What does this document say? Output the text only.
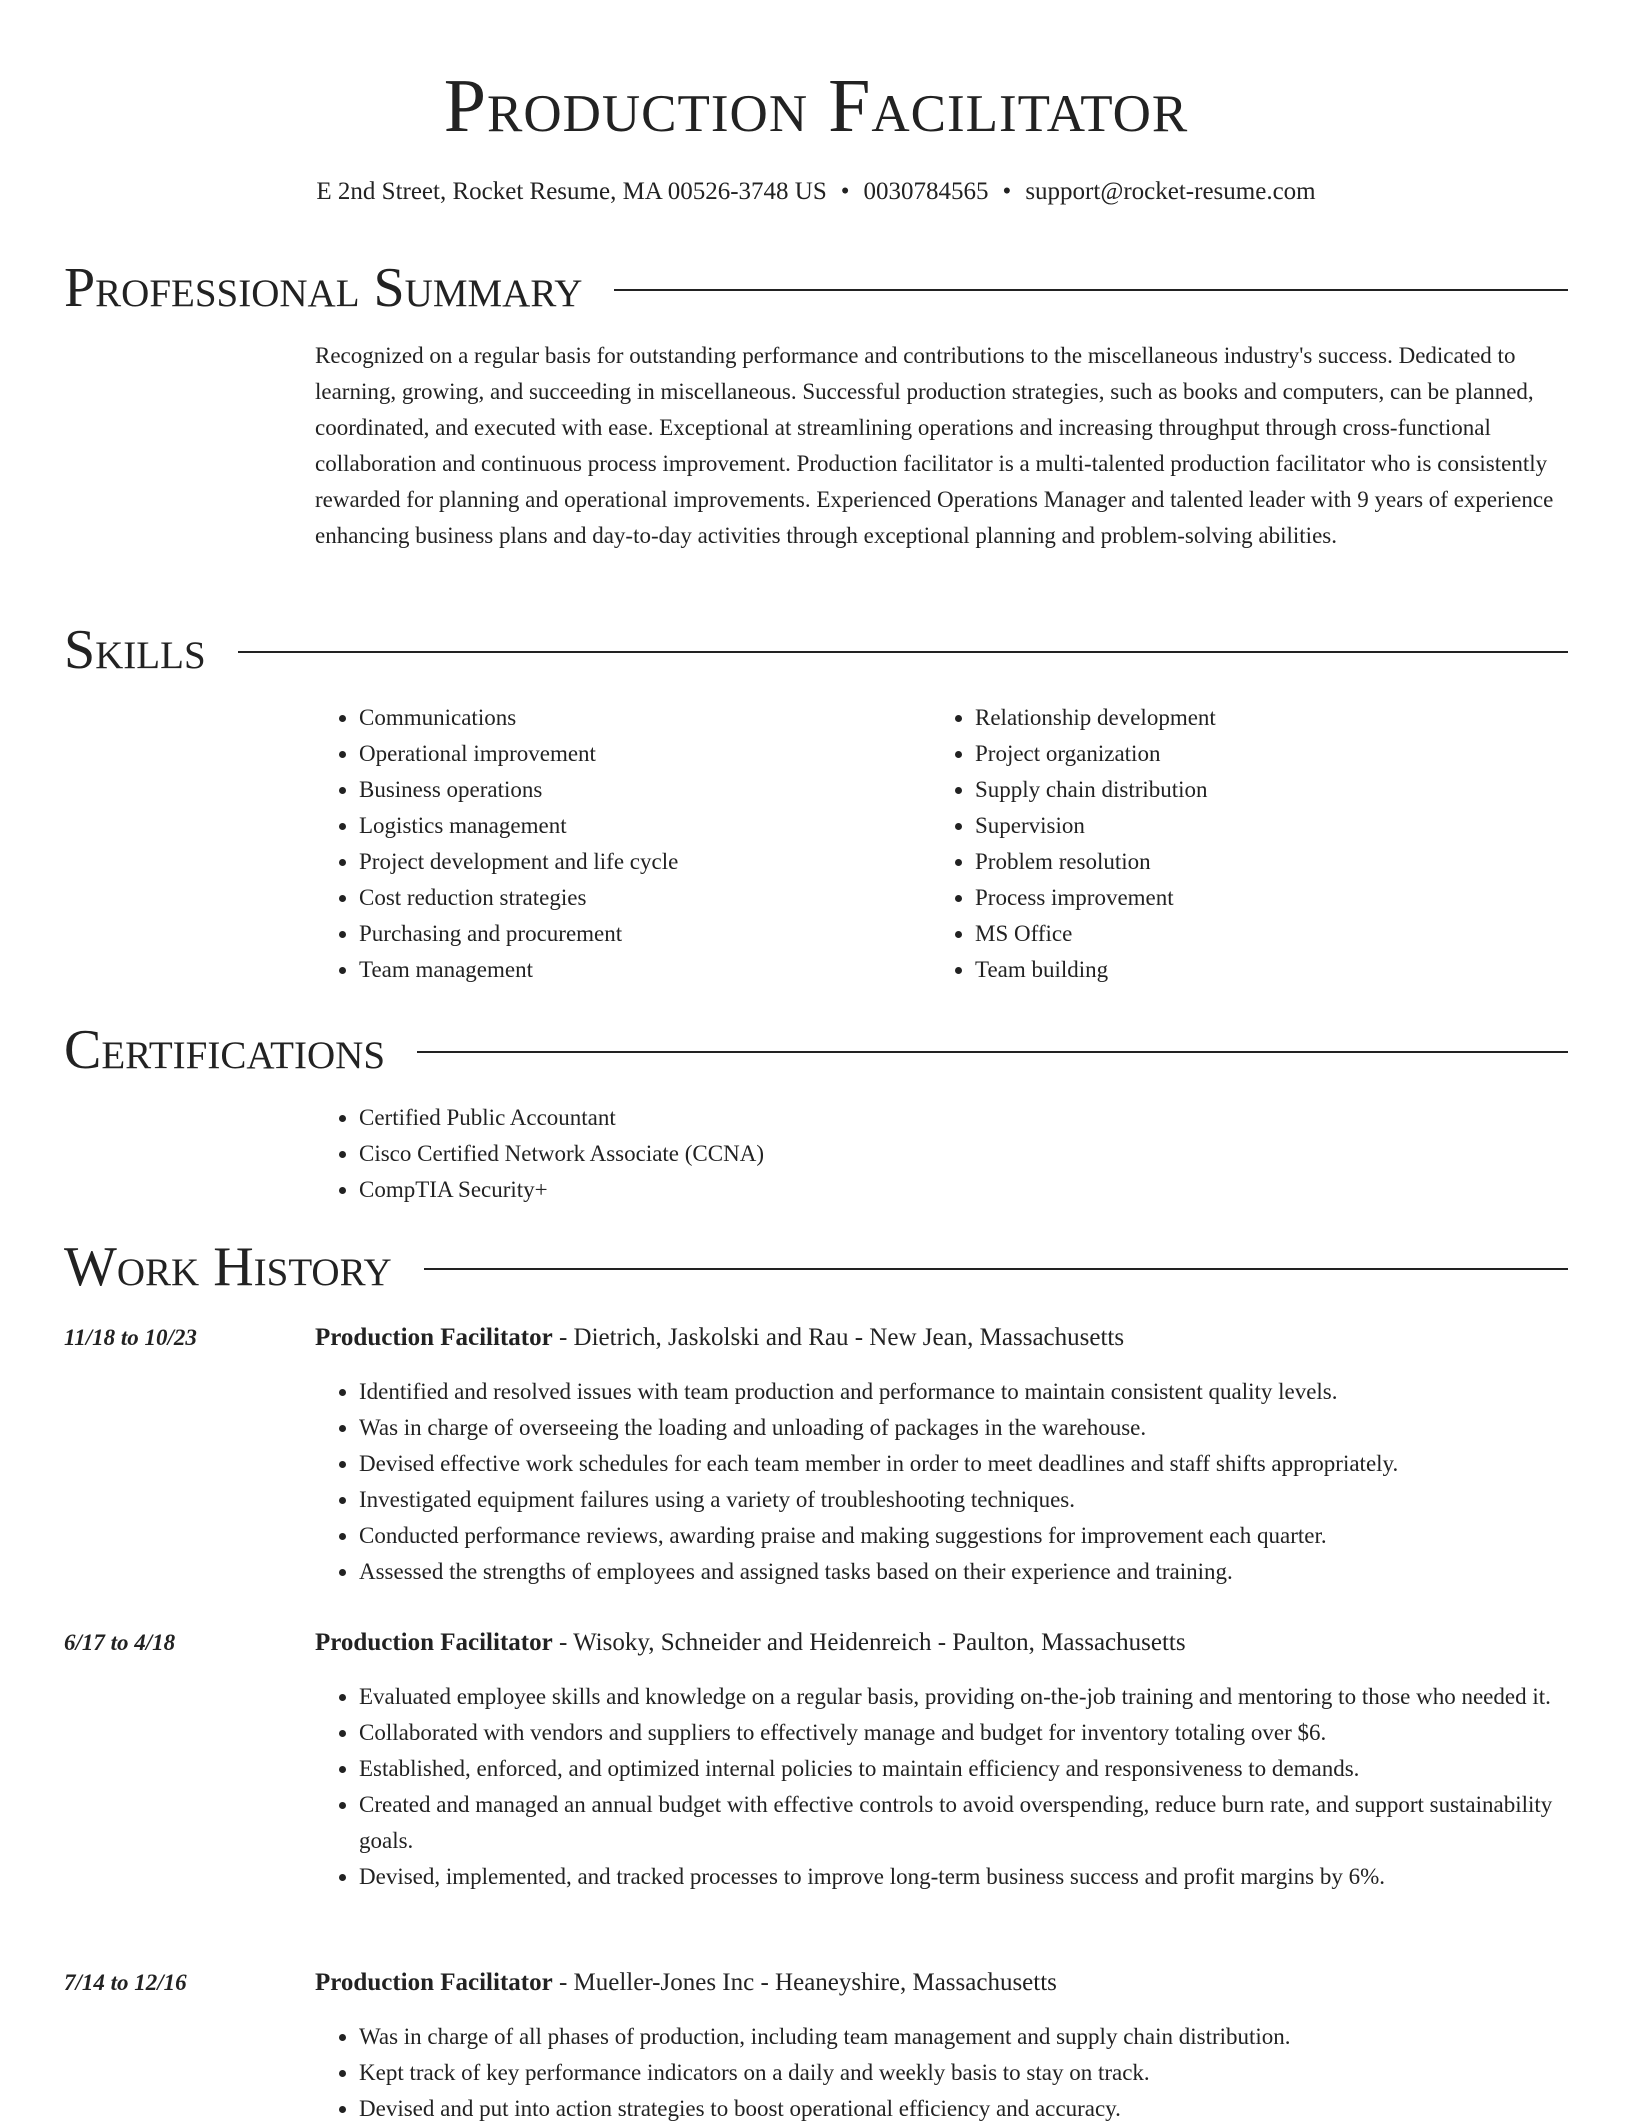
Production Facilitator
E 2nd Street, Rocket Resume, MA 00526-3748 US • 0030784565 • support@rocket-resume.com
Professional Summary

Recognized on a regular basis for outstanding performance and contributions to the miscellaneous industry's success. Dedicated to learning, growing, and succeeding in miscellaneous. Successful production strategies, such as books and computers, can be planned, coordinated, and executed with ease. Exceptional at streamlining operations and increasing throughput through cross-functional collaboration and continuous process improvement. Production facilitator is a multi-talented production facilitator who is consistently rewarded for planning and operational improvements. Experienced Operations Manager and talented leader with 9 years of experience enhancing business plans and day-to-day activities through exceptional planning and problem-solving abilities.

Skills
• Communications
• Operational improvement
• Business operations
• Logistics management
• Project development and life cycle
• Cost reduction strategies
• Purchasing and procurement
• Team management
• Relationship development
• Project organization
• Supply chain distribution
• Supervision
• Problem resolution
• Process improvement
• MS Office
• Team building
Certifications
• Certified Public Accountant
• Cisco Certified Network Associate (CCNA)
• CompTIA Security+
Work History
11/18 to 10/23	Production Facilitator - Dietrich, Jaskolski and Rau - New Jean, Massachusetts
• Identified and resolved issues with team production and performance to maintain consistent quality levels.
• Was in charge of overseeing the loading and unloading of packages in the warehouse.
• Devised effective work schedules for each team member in order to meet deadlines and staff shifts appropriately.
• Investigated equipment failures using a variety of troubleshooting techniques.
• Conducted performance reviews, awarding praise and making suggestions for improvement each quarter.
• Assessed the strengths of employees and assigned tasks based on their experience and training.
6/17 to 4/18	Production Facilitator - Wisoky, Schneider and Heidenreich - Paulton, Massachusetts
• Evaluated employee skills and knowledge on a regular basis, providing on-the-job training and mentoring to those who needed it.
• Collaborated with vendors and suppliers to effectively manage and budget for inventory totaling over $6.
• Established, enforced, and optimized internal policies to maintain efficiency and responsiveness to demands.
• Created and managed an annual budget with effective controls to avoid overspending, reduce burn rate, and support sustainability goals.
• Devised, implemented, and tracked processes to improve long-term business success and profit margins by 6%.
7/14 to 12/16	Production Facilitator - Mueller-Jones Inc - Heaneyshire, Massachusetts
• Was in charge of all phases of production, including team management and supply chain distribution.
• Kept track of key performance indicators on a daily and weekly basis to stay on track.
• Devised and put into action strategies to boost operational efficiency and accuracy.
